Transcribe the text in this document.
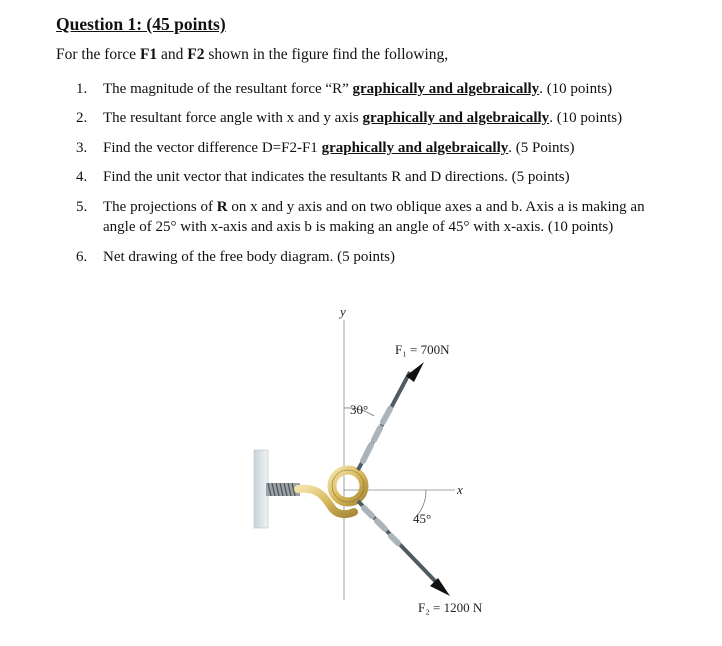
Question 1: (45 points)
For the force F1 and F2 shown in the figure find the following,
1. The magnitude of the resultant force “R” graphically and algebraically. (10 points)
2. The resultant force angle with x and y axis graphically and algebraically. (10 points)
3. Find the vector difference D=F2-F1 graphically and algebraically. (5 Points)
4. Find the unit vector that indicates the resultants R and D directions. (5 points)
5. The projections of R on x and y axis and on two oblique axes a and b. Axis a is making an angle of 25° with x-axis and axis b is making an angle of 45° with x-axis. (10 points)
6. Net drawing of the free body diagram. (5 points)
y
x
F₁ = 700N
30°
F₂ = 1200 N
45°
